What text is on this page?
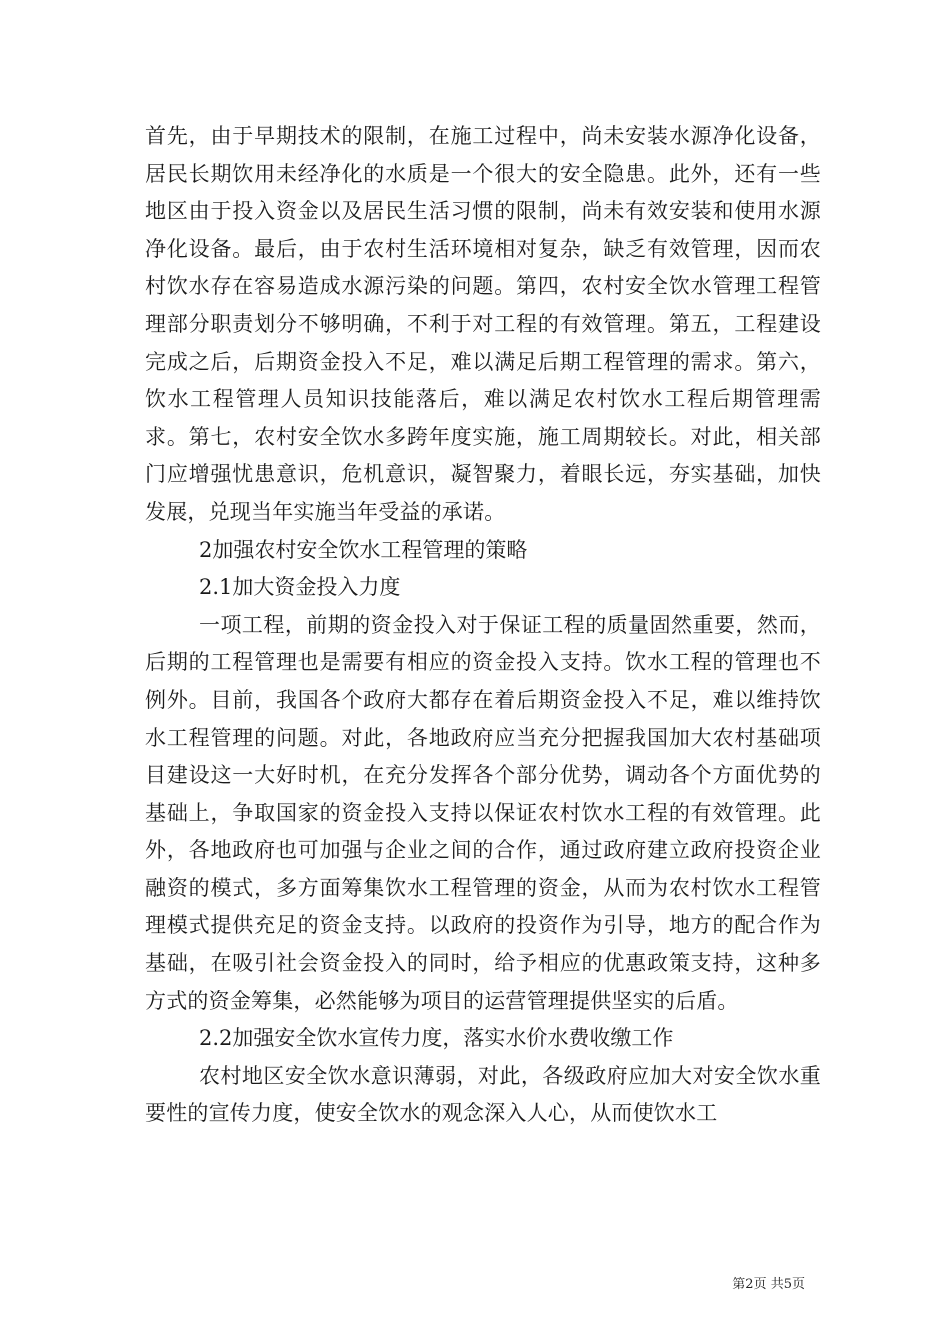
首先，由于早期技术的限制，在施工过程中，尚未安装水源净化设备，居民长期饮用未经净化的水质是一个很大的安全隐患。此外，还有一些地区由于投入资金以及居民生活习惯的限制，尚未有效安装和使用水源净化设备。最后，由于农村生活环境相对复杂，缺乏有效管理，因而农村饮水存在容易造成水源污染的问题。第四，农村安全饮水管理工程管理部分职责划分不够明确，不利于对工程的有效管理。第五，工程建设完成之后，后期资金投入不足，难以满足后期工程管理的需求。第六，饮水工程管理人员知识技能落后，难以满足农村饮水工程后期管理需求。第七，农村安全饮水多跨年度实施，施工周期较长。对此，相关部门应增强忧患意识，危机意识，凝智聚力，着眼长远，夯实基础，加快发展，兑现当年实施当年受益的承诺。

2加强农村安全饮水工程管理的策略

2.1加大资金投入力度

一项工程，前期的资金投入对于保证工程的质量固然重要，然而，后期的工程管理也是需要有相应的资金投入支持。饮水工程的管理也不例外。目前，我国各个政府大都存在着后期资金投入不足，难以维持饮水工程管理的问题。对此，各地政府应当充分把握我国加大农村基础项目建设这一大好时机，在充分发挥各个部分优势，调动各个方面优势的基础上，争取国家的资金投入支持以保证农村饮水工程的有效管理。此外，各地政府也可加强与企业之间的合作，通过政府建立政府投资企业融资的模式，多方面筹集饮水工程管理的资金，从而为农村饮水工程管理模式提供充足的资金支持。以政府的投资作为引导，地方的配合作为基础，在吸引社会资金投入的同时，给予相应的优惠政策支持，这种多方式的资金筹集，必然能够为项目的运营管理提供坚实的后盾。

2.2加强安全饮水宣传力度，落实水价水费收缴工作

农村地区安全饮水意识薄弱，对此，各级政府应加大对安全饮水重要性的宣传力度，使安全饮水的观念深入人心，从而使饮水工

第2页 共5页
